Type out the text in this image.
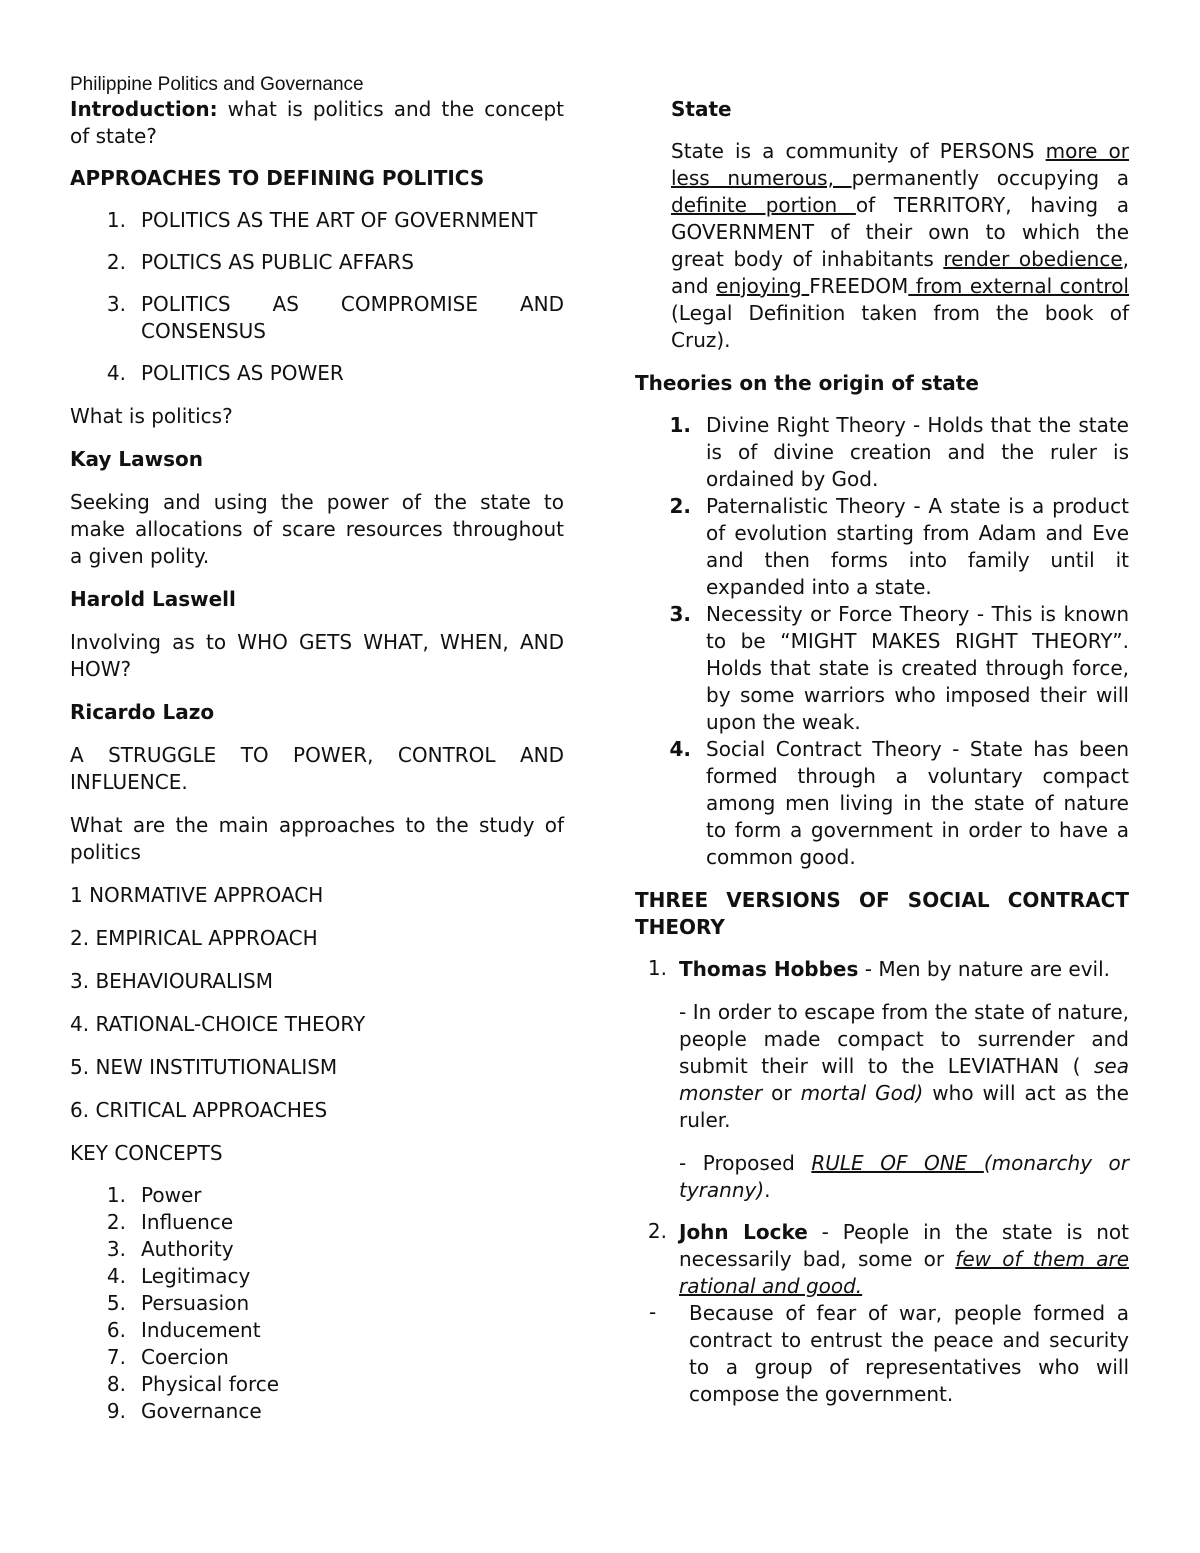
Philippine Politics and Governance

Introduction: what is politics and the concept of state?

APPROACHES TO DEFINING POLITICS

1. POLITICS AS THE ART OF GOVERNMENT
2. POLTICS AS PUBLIC AFFARS
3. POLITICS AS COMPROMISE AND CONSENSUS
4. POLITICS AS POWER

What is politics?

Kay Lawson

Seeking and using the power of the state to make allocations of scare resources throughout a given polity.

Harold Laswell

Involving as to WHO GETS WHAT, WHEN, AND HOW?

Ricardo Lazo

A STRUGGLE TO POWER, CONTROL AND INFLUENCE.

What are the main approaches to the study of politics

1 NORMATIVE APPROACH

2. EMPIRICAL APPROACH

3. BEHAVIOURALISM

4. RATIONAL-CHOICE THEORY

5. NEW INSTITUTIONALISM

6. CRITICAL APPROACHES

KEY CONCEPTS

1. Power
2. Influence
3. Authority
4. Legitimacy
5. Persuasion
6. Inducement
7. Coercion
8. Physical force
9. Governance

State

State is a community of PERSONS more or less numerous, permanently occupying a definite portion of TERRITORY, having a GOVERNMENT of their own to which the great body of inhabitants render obedience, and enjoying FREEDOM from external control (Legal Definition taken from the book of Cruz).

Theories on the origin of state

1. Divine Right Theory - Holds that the state is of divine creation and the ruler is ordained by God.
2. Paternalistic Theory - A state is a product of evolution starting from Adam and Eve and then forms into family until it expanded into a state.
3. Necessity or Force Theory - This is known to be “MIGHT MAKES RIGHT THEORY”. Holds that state is created through force, by some warriors who imposed their will upon the weak.
4. Social Contract Theory - State has been formed through a voluntary compact among men living in the state of nature to form a government in order to have a common good.

THREE VERSIONS OF SOCIAL CONTRACT THEORY

1. Thomas Hobbes - Men by nature are evil.

- In order to escape from the state of nature, people made compact to surrender and submit their will to the LEVIATHAN ( sea monster or mortal God) who will act as the ruler.

- Proposed RULE OF ONE (monarchy or tyranny).

2. John Locke - People in the state is not necessarily bad, some or few of them are rational and good.

-	Because of fear of war, people formed a contract to entrust the peace and security to a group of representatives who will compose the government.
